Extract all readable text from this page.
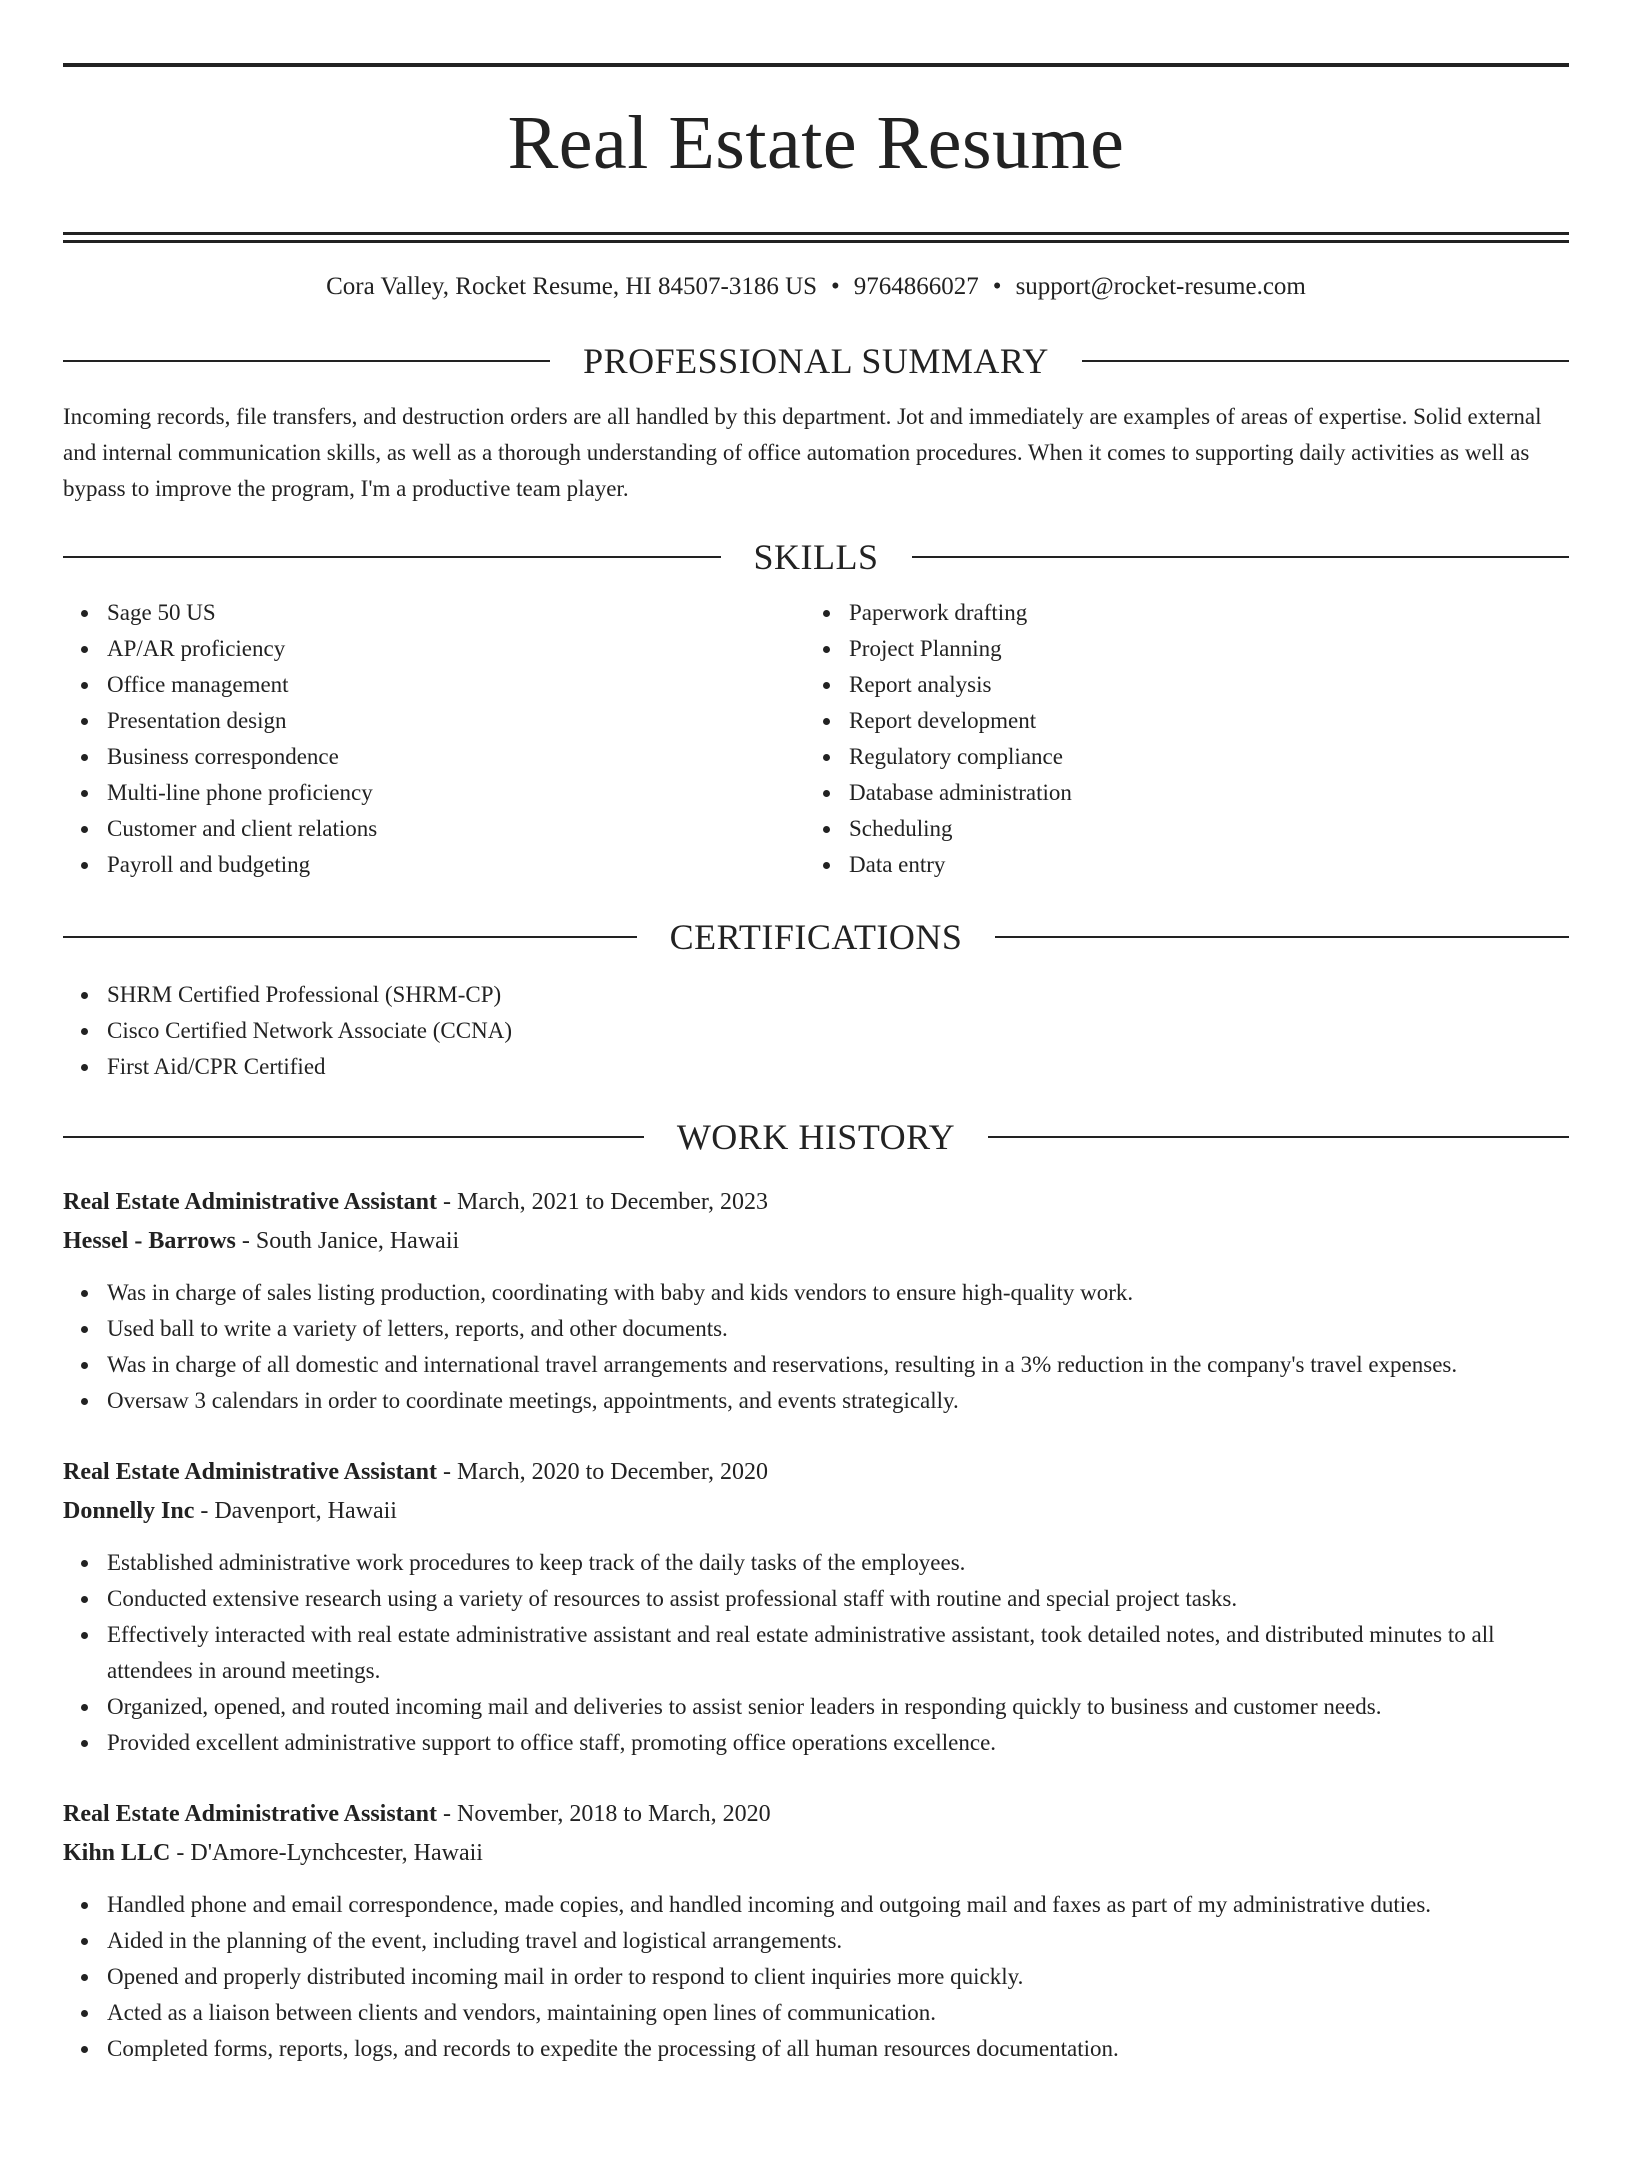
Real Estate Resume
Cora Valley, Rocket Resume, HI 84507-3186 US • 9764866027 • support@rocket-resume.com
PROFESSIONAL SUMMARY

Incoming records, file transfers, and destruction orders are all handled by this department. Jot and immediately are examples of areas of expertise. Solid external and internal communication skills, as well as a thorough understanding of office automation procedures. When it comes to supporting daily activities as well as bypass to improve the program, I'm a productive team player.

SKILLS
Sage 50 US
AP/AR proficiency
Office management
Presentation design
Business correspondence
Multi-line phone proficiency
Customer and client relations
Payroll and budgeting
Paperwork drafting
Project Planning
Report analysis
Report development
Regulatory compliance
Database administration
Scheduling
Data entry
CERTIFICATIONS
SHRM Certified Professional (SHRM-CP)
Cisco Certified Network Associate (CCNA)
First Aid/CPR Certified
WORK HISTORY
Real Estate Administrative Assistant - March, 2021 to December, 2023
Hessel - Barrows - South Janice, Hawaii
Was in charge of sales listing production, coordinating with baby and kids vendors to ensure high-quality work.
Used ball to write a variety of letters, reports, and other documents.
Was in charge of all domestic and international travel arrangements and reservations, resulting in a 3% reduction in the company's travel expenses.
Oversaw 3 calendars in order to coordinate meetings, appointments, and events strategically.
Real Estate Administrative Assistant - March, 2020 to December, 2020
Donnelly Inc - Davenport, Hawaii
Established administrative work procedures to keep track of the daily tasks of the employees.
Conducted extensive research using a variety of resources to assist professional staff with routine and special project tasks.
Effectively interacted with real estate administrative assistant and real estate administrative assistant, took detailed notes, and distributed minutes to all attendees in around meetings.
Organized, opened, and routed incoming mail and deliveries to assist senior leaders in responding quickly to business and customer needs.
Provided excellent administrative support to office staff, promoting office operations excellence.
Real Estate Administrative Assistant - November, 2018 to March, 2020
Kihn LLC - D'Amore-Lynchcester, Hawaii
Handled phone and email correspondence, made copies, and handled incoming and outgoing mail and faxes as part of my administrative duties.
Aided in the planning of the event, including travel and logistical arrangements.
Opened and properly distributed incoming mail in order to respond to client inquiries more quickly.
Acted as a liaison between clients and vendors, maintaining open lines of communication.
Completed forms, reports, logs, and records to expedite the processing of all human resources documentation.
